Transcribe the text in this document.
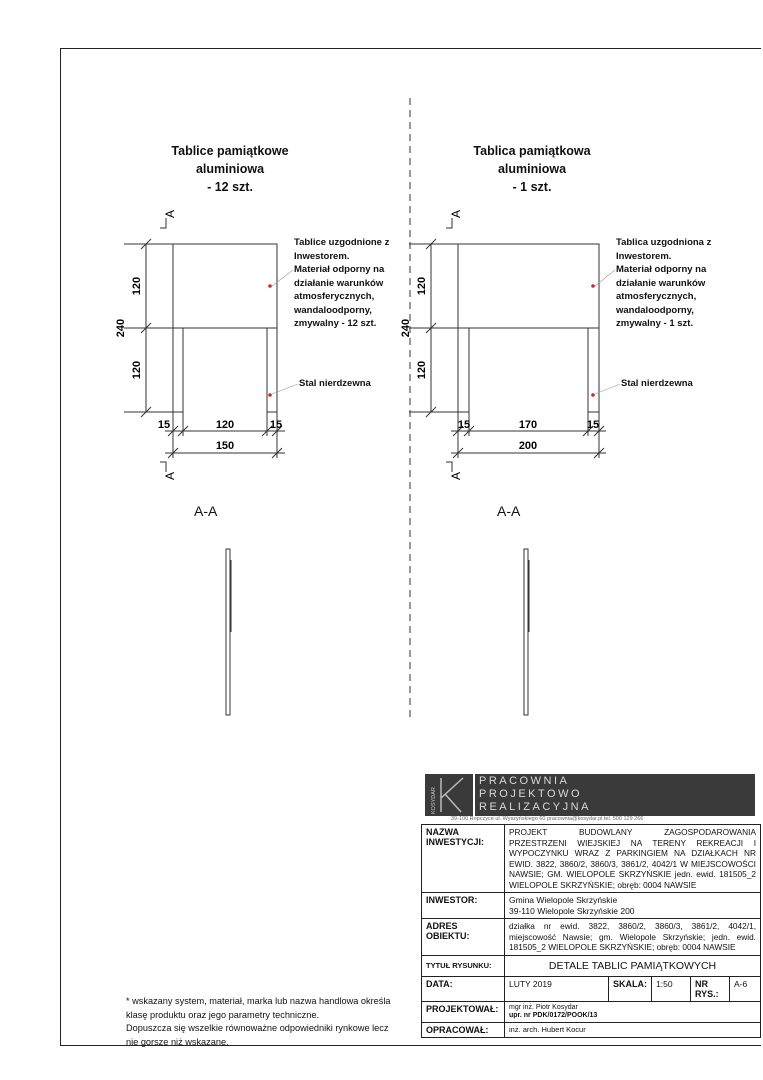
240
120
120
15	120	15
150
A
A
240
120
120
15	170	15
200
A
A
Tablice pamiątkowe
aluminiowa
- 12 szt.
Tablice uzgodnione z
Inwestorem.
Materiał odporny na
działanie warunków
atmosferycznych,
wandaloodporny,
zmywalny - 12 szt.
Stal nierdzewna
A-A
Tablica pamiątkowa
aluminiowa
- 1 szt.
Tablica uzgodniona z
Inwestorem.
Materiał odporny na
działanie warunków
atmosferycznych,
wandaloodporny,
zmywalny - 1 szt.
Stal nierdzewna
A-A
* wskazany system, materiał, marka lub nazwa handlowa określa
klasę produktu oraz jego parametry techniczne.
Dopuszcza się wszelkie równoważne odpowiedniki rynkowe lecz
nie gorsze niż wskazane.
KOSYDAR
PRACOWNIA
PROJEKTOWO
REALIZACYJNA
39-100 Ropczyce ul. Wyszyńskiego 60 pracownia@kosydar.pl tel. 500 129 266
NAZWA INWESTYCJI:	PROJEKT BUDOWLANY ZAGOSPODAROWANIA PRZESTRZENI WIEJSKIEJ NA TERENY REKREACJI I WYPOCZYNKU WRAZ Z PARKINGIEM NA DZIAŁKACH NR EWID. 3822, 3860/2, 3860/3, 3861/2, 4042/1 W MIEJSCOWOŚCI NAWSIE; GM. WIELOPOLE SKRZYŃSKIE jedn. ewid. 181505_2 WIELOPOLE SKRZYŃSKIE; obręb: 0004 NAWSIE				
INWESTOR:	Gmina Wielopole Skrzyńskie
39-110 Wielopole Skrzyńskie 200				

ADRES OBIEKTU:	działka nr ewid. 3822, 3860/2, 3860/3, 3861/2, 4042/1, miejscowość Nawsie; gm. Wielopole Skrzyńskie; jedn. ewid. 181505_2 WIELOPOLE SKRZYŃSKIE; obręb: 0004 NAWSIE				
TYTUŁ RYSUNKU:	DETALE TABLIC PAMIĄTKOWYCH				
DATA:	LUTY 2019	SKALA:	1:50	NR RYS.:	A-6
PROJEKTOWAŁ:	mgr inż. Piotr Kosydar
upr. nr PDK/0172/POOK/13				

OPRACOWAŁ:	inż. arch. Hubert Kocur				
